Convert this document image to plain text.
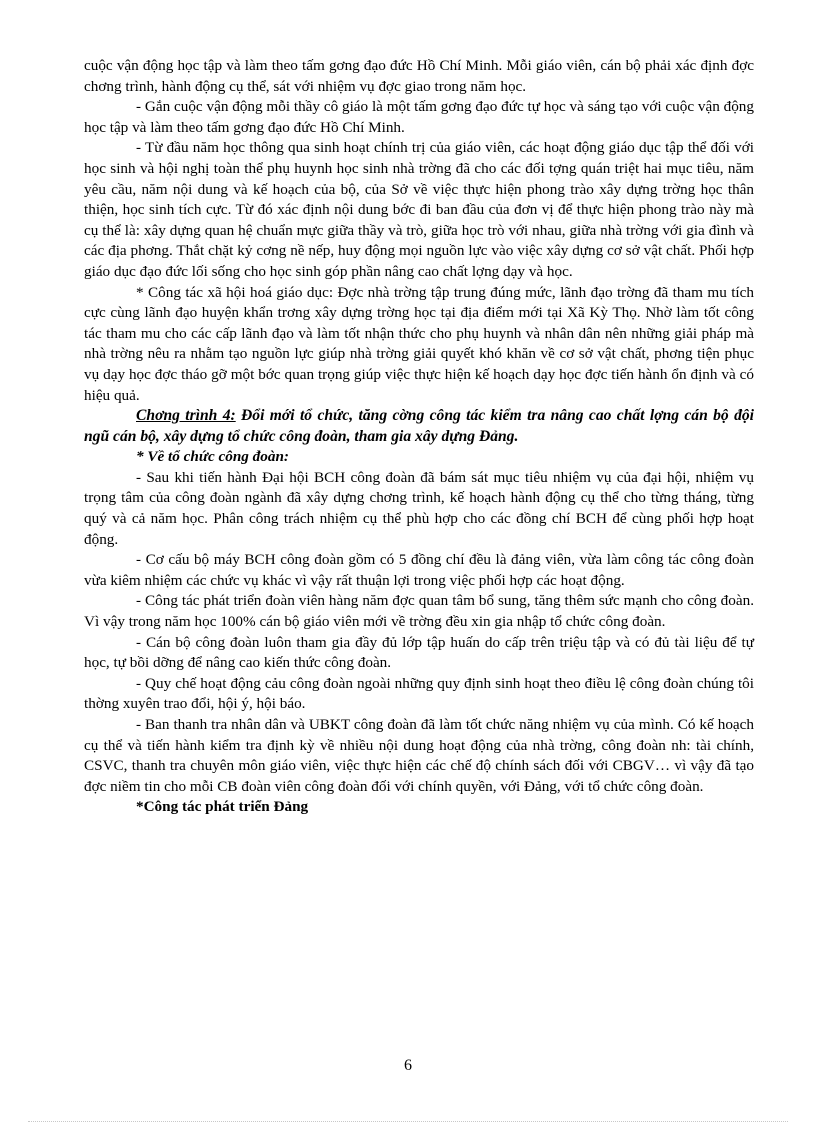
cuộc vận động học tập và làm theo tấm gơng đạo đức Hồ Chí Minh. Mỗi giáo viên, cán bộ phải xác định đợc chơng trình, hành động cụ thể, sát với nhiệm vụ đợc giao trong năm học.

- Gắn cuộc vận động mỗi thầy cô giáo là một tấm gơng đạo đức tự học và sáng tạo với cuộc vận động học tập và làm theo tấm gơng đạo đức Hồ Chí Minh.

- Từ đầu năm học thông qua sinh hoạt chính trị của giáo viên, các hoạt động giáo dục tập thể đối với học sinh và hội nghị toàn thể phụ huynh học sinh nhà trờng đã cho các đối tợng quán triệt hai mục tiêu, năm yêu cầu, năm nội dung và kế hoạch của bộ, của Sở về việc thực hiện phong trào xây dựng trờng học thân thiện, học sinh tích cực. Từ đó xác định nội dung bớc đi ban đầu của đơn vị để thực hiện phong trào này mà cụ thể là: xây dựng quan hệ chuẩn mực giữa thầy và trò, giữa học trò với nhau, giữa nhà trờng với gia đình và các địa phơng. Thắt chặt kỷ cơng nề nếp, huy động mọi nguồn lực vào việc xây dựng cơ sở vật chất. Phối hợp giáo dục đạo đức lối sống cho học sinh góp phần nâng cao chất lợng dạy và học.

* Công tác xã hội hoá giáo dục: Đợc nhà trờng tập trung đúng mức, lãnh đạo trờng đã tham mu tích cực cùng lãnh đạo huyện khẩn trơng xây dựng trờng học tại địa điểm mới tại Xã Kỳ Thọ. Nhờ làm tốt công tác tham mu cho các cấp lãnh đạo và làm tốt nhận thức cho phụ huynh và nhân dân nên những giải pháp mà nhà trờng nêu ra nhằm tạo nguồn lực giúp nhà trờng giải quyết khó khăn về cơ sở vật chất, phơng tiện phục vụ dạy học đợc tháo gỡ một bớc quan trọng giúp việc thực hiện kế hoạch dạy học đợc tiến hành ổn định và có hiệu quả.

Chơng trình 4: Đổi mới tổ chức, tăng cờng công tác kiểm tra nâng cao chất lợng cán bộ đội ngũ cán bộ, xây dựng tổ chức công đoàn, tham gia xây dựng Đảng.

* Về tổ chức công đoàn:

- Sau khi tiến hành Đại hội BCH công đoàn đã bám sát mục tiêu nhiệm vụ của đại hội, nhiệm vụ trọng tâm của công đoàn ngành đã xây dựng chơng trình, kế hoạch hành động cụ thể cho từng tháng, từng quý và cả năm học. Phân công trách nhiệm cụ thể phù hợp cho các đồng chí BCH để cùng phối hợp hoạt động.

- Cơ cấu bộ máy BCH công đoàn gồm có 5 đồng chí đều là đảng viên, vừa làm công tác công đoàn vừa kiêm nhiệm các chức vụ khác vì vậy rất thuận lợi trong việc phối hợp các hoạt động.

- Công tác phát triển đoàn viên hàng năm đợc quan tâm bổ sung, tăng thêm sức mạnh cho công đoàn. Vì vậy trong năm học 100% cán bộ giáo viên mới về trờng đều xin gia nhập tổ chức công đoàn.

- Cán bộ công đoàn luôn tham gia đầy đủ lớp tập huấn do cấp trên triệu tập và có đủ tài liệu để tự học, tự bồi dỡng để nâng cao kiến thức công đoàn.

- Quy chế hoạt động cảu công đoàn ngoài những quy định sinh hoạt theo điều lệ công đoàn chúng tôi thờng xuyên trao đổi, hội ý, hội báo.

- Ban thanh tra nhân dân và UBKT công đoàn đã làm tốt chức năng nhiệm vụ của mình. Có kế hoạch cụ thể và tiến hành kiểm tra định kỳ về nhiều nội dung hoạt động của nhà trờng, công đoàn nh: tài chính, CSVC, thanh tra chuyên môn giáo viên, việc thực hiện các chế độ chính sách đối với CBGV… vì vậy đã tạo đợc niềm tin cho mỗi CB đoàn viên công đoàn đối với chính quyền, với Đảng, với tổ chức công đoàn.

*Công tác phát triển Đảng

6
